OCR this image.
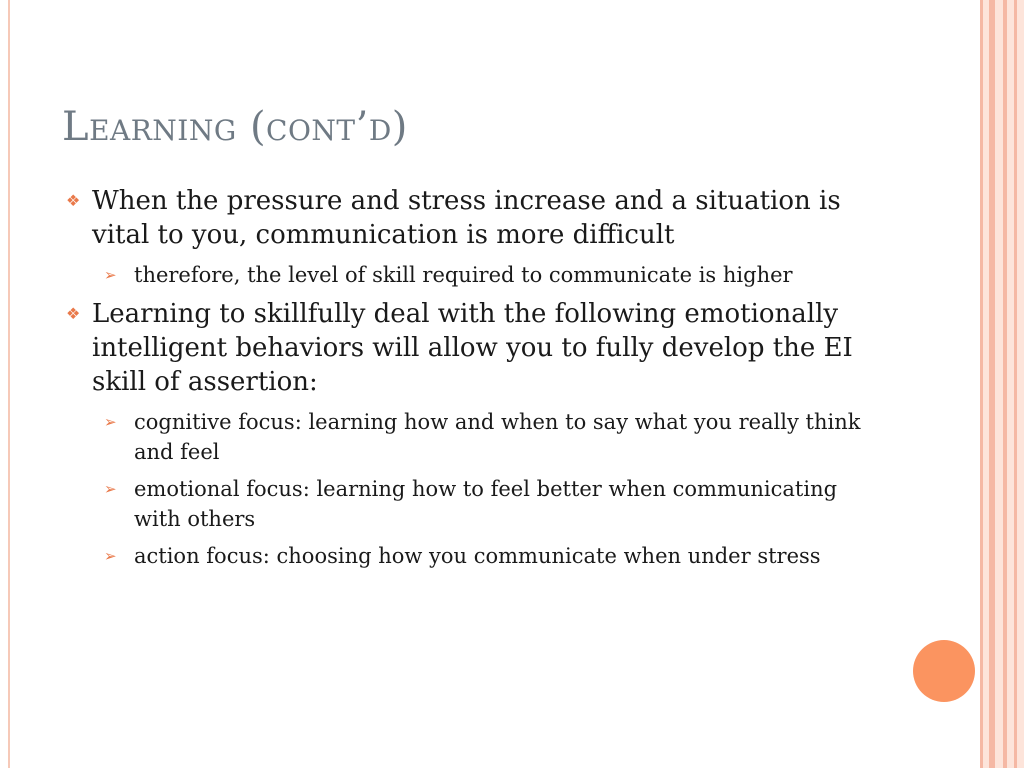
Learning (cont’d)
❖ When the pressure and stress increase and a situation is vital to you, communication is more difficult
➢ therefore, the level of skill required to communicate is higher
❖ Learning to skillfully deal with the following emotionally intelligent behaviors will allow you to fully develop the EI skill of assertion:
➢ cognitive focus: learning how and when to say what you really think and feel
➢ emotional focus: learning how to feel better when communicating with others
➢ action focus: choosing how you communicate when under stress
